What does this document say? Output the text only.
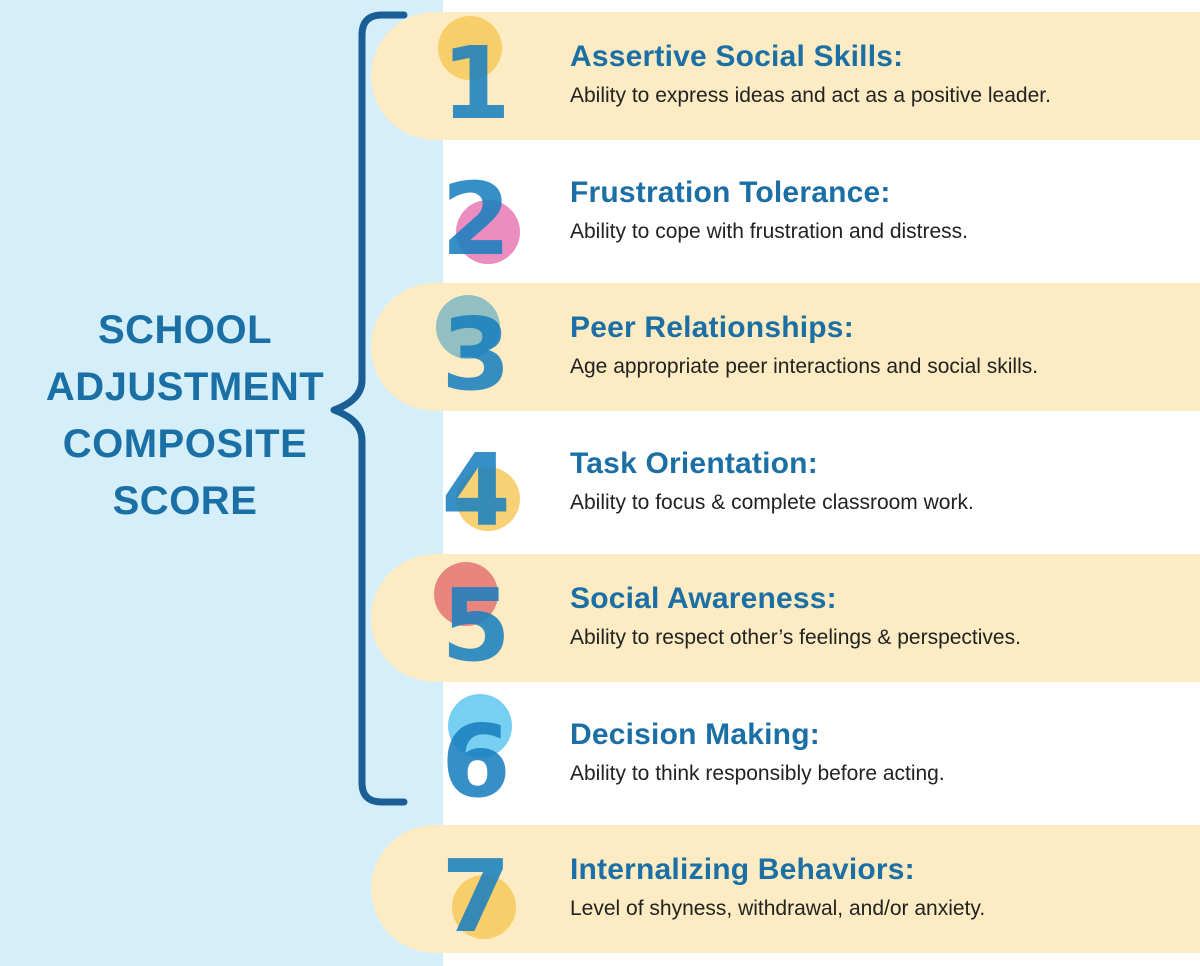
SCHOOL
ADJUSTMENT
COMPOSITE
SCORE
1 Assertive Social Skills:
Ability to express ideas and act as a positive leader.
2 Frustration Tolerance:
Ability to cope with frustration and distress.
3 Peer Relationships:
Age appropriate peer interactions and social skills.
4 Task Orientation:
Ability to focus & complete classroom work.
5 Social Awareness:
Ability to respect other’s feelings & perspectives.
6 Decision Making:
Ability to think responsibly before acting.
7 Internalizing Behaviors:
Level of shyness, withdrawal, and/or anxiety.
